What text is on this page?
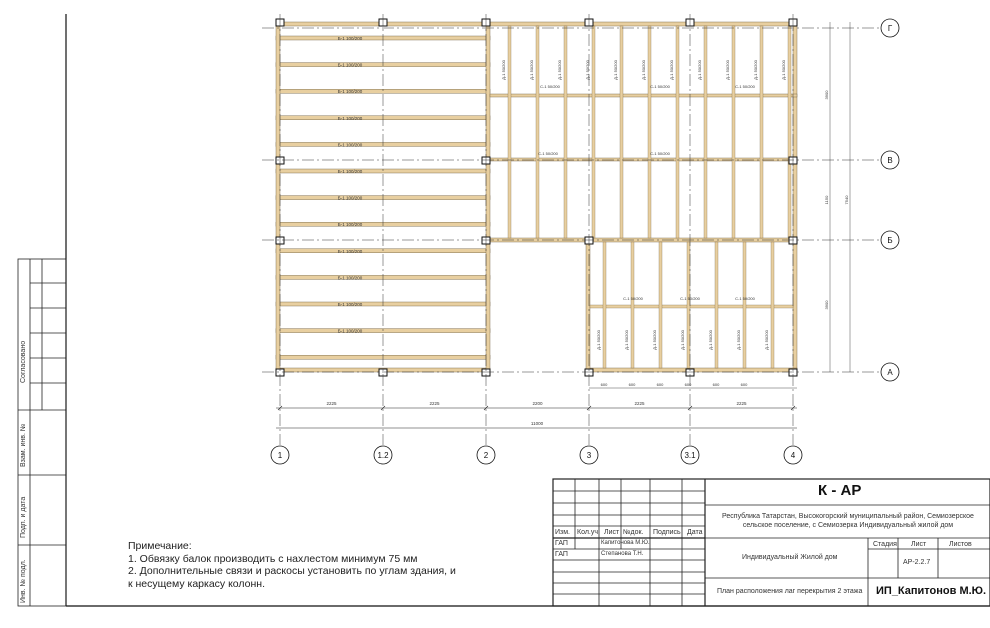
Б-1 100/200
Б-1 100/200
Б-1 100/200
Б-1 100/200
Б-1 100/200
Б-1 100/200
Б-1 100/200
Б-1 100/200
Б-1 100/200
Б-1 100/200
Б-1 100/200
Б-1 100/200
Д-1 50/200	Д-1 50/200	Д-1 50/200	Д-1 50/200	Д-1 50/200	Д-1 50/200	Д-1 50/200	Д-1 50/200	Д-1 50/200	Д-1 50/200	Д-1 50/200
С-1 50/200	С-1 50/200	С-1 50/200
С-1 50/200	С-1 50/200
Д-1 50/200	Д-1 50/200	Д-1 50/200	Д-1 50/200	Д-1 50/200	Д-1 50/200	Д-1 50/200
С-1 50/200	С-1 50/200	С-1 50/200
1	1.2	2	3	3.1	4
Г
В
Б
А
2225	2225	2200	2225	2225
11000
600	600	600	600	600	600
3900
1150
3900
7540
Примечание:
1. Обвязку балок производить с нахлестом минимум 75 мм
2. Дополнительные связи и раскосы установить по углам здания, и
к несущему каркасу колонн.
Согласовано
Взам. инв. №
Подп. и дата
Инв. № подл.
К - АР
Республика Татарстан, Высокогорский муниципальный район, Семиозерское сельское поселение, с Семиозерка Индивидуальный жилой дом
Изм. Кол.уч Лист №док. Подпись Дата
ГАП	Капитонова М.Ю.
ГАП	Степанова Т.Н.	Индивидуальный Жилой дом
Стадия Лист	Листов
АР-2.2.7
План расположения лаг перекрытия 2 этажа ИП_Капитонов М.Ю.
